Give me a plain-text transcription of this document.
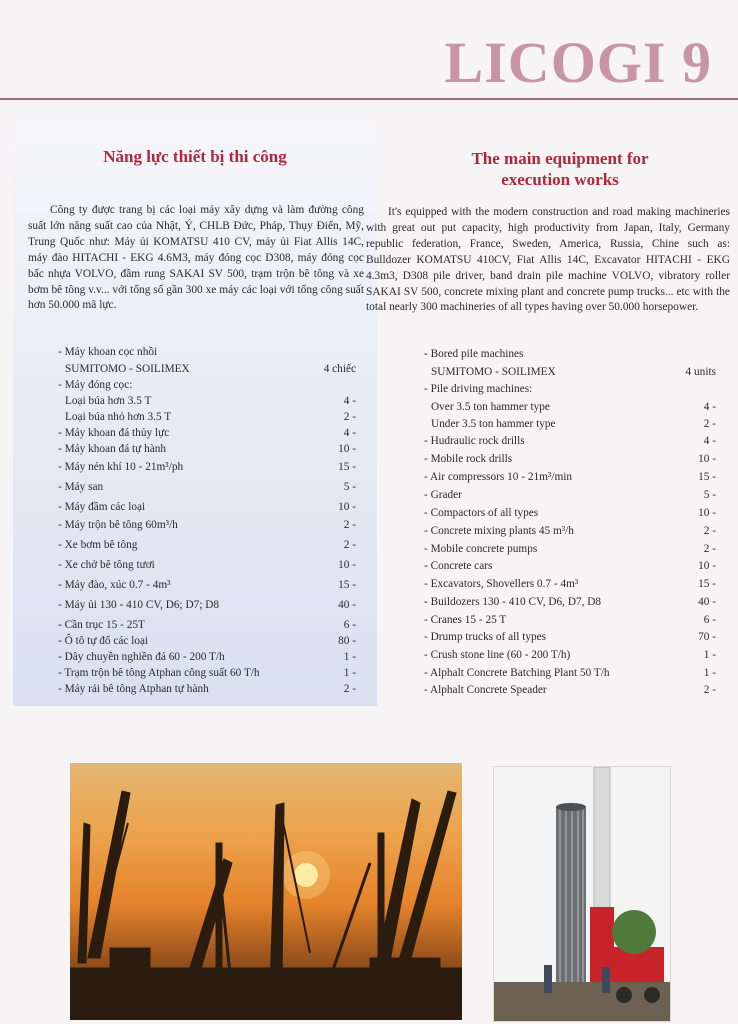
LICOGI 9
Năng lực thiết bị thi công	The main equipment for
execution works

Công ty được trang bị các loại máy xây dựng và làm đường công suất lớn năng suất cao của Nhật, Ý, CHLB Đức, Pháp, Thụy Điển, Mỹ, Trung Quốc như: Máy ủi KOMATSU 410 CV, máy ủi Fiat Allis 14C, máy đào HITACHI - EKG 4.6M3, máy đóng cọc D308, máy đóng cọc bấc nhựa VOLVO, đầm rung SAKAI SV 500, trạm trộn bê tông và xe bơm bê tông v.v... với tổng số gần 300 xe máy các loại với tổng công suất hơn 50.000 mã lực.

It's equipped with the modern construction and road making machineries with great out put capacity, high productivity from Japan, Italy, Germany republic federation, France, Sweden, America, Russia, Chine such as: Bulldozer KOMATSU 410CV, Fiat Allis 14C, Excavator HITACHI - EKG 4.3m3, D308 pile driver, band drain pile machine VOLVO, vibratory roller SAKAI SV 500, concrete mixing plant and concrete pump trucks... etc with the total nearly 300 machineries of all types having over 50.000 horsepower.

- Máy khoan cọc nhồi
SUMITOMO - SOILIMEX	4 chiếc
- Máy đóng cọc:
Loại búa hơn 3.5 T	4 -
Loại búa nhỏ hơn 3.5 T	2 -
- Máy khoan đá thủy lực	4 -
- Máy khoan đá tự hành	10 -
- Máy nén khí 10 - 21m³/ph	15 -
- Máy san	5 -
- Máy đầm các loại	10 -
- Máy trộn bê tông 60m³/h	2 -
- Xe bơm bê tông	2 -
- Xe chở bê tông tươi	10 -
- Máy đào, xúc 0.7 - 4m³	15 -
- Máy ủi 130 - 410 CV, D6; D7; D8	40 -
- Cần trục 15 - 25T	6 -
- Ô tô tự đổ các loại	80 -
- Dây chuyền nghiền đá 60 - 200 T/h	1 -
- Trạm trộn bê tông Atphan công suất 60 T/h	1 -
- Máy rải bê tông Atphan tự hành	2 -
- Bored pile machines
SUMITOMO - SOILIMEX	4 units
- Pile driving machines:
Over 3.5 ton hammer type	4 -
Under 3.5 ton hammer type	2 -
- Hudraulic rock drills	4 -
- Mobile rock drills	10 -
- Air compressors 10 - 21m³/min	15 -
- Grader	5 -
- Compactors of all types	10 -
- Concrete mixing plants 45 m³/h	2 -
- Mobile concrete pumps	2 -
- Concrete cars	10 -
- Excavators, Shovellers 0.7 - 4m³	15 -
- Buildozers 130 - 410 CV, D6, D7, D8	40 -
- Cranes 15 - 25 T	6 -
- Drump trucks of all types	70 -
- Crush stone line (60 - 200 T/h)	1 -
- Alphalt Concrete Batching Plant 50 T/h	1 -
- Alphalt Concrete Speader	2 -
